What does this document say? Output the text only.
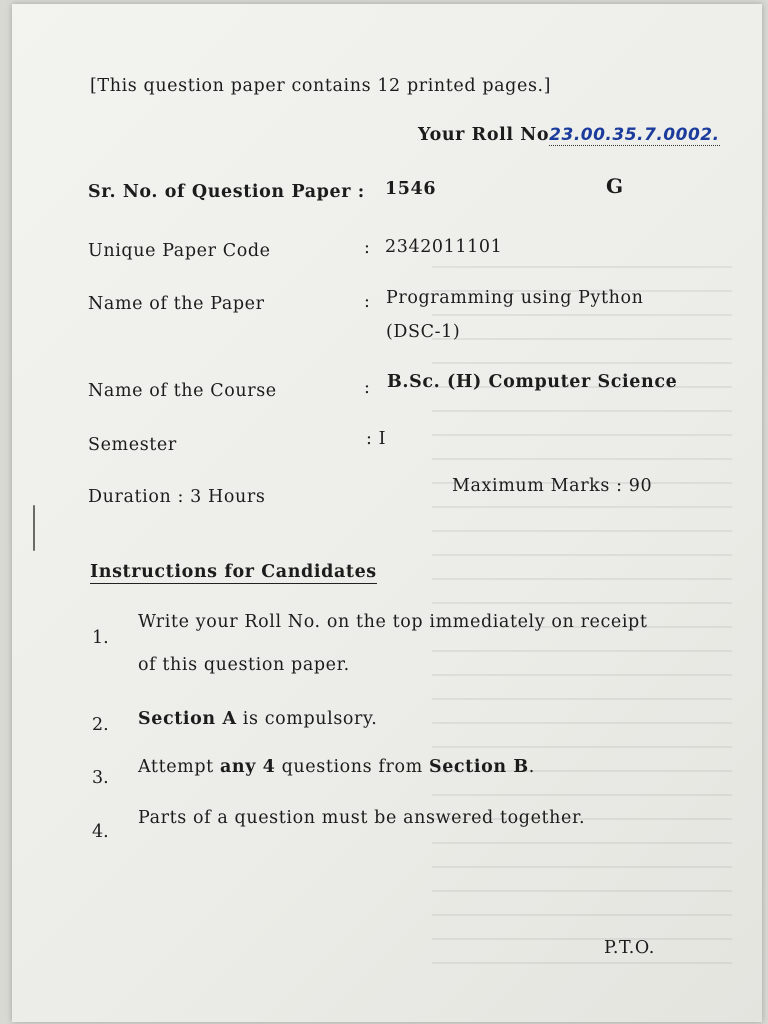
[This question paper contains 12 printed pages.]
Your Roll No23.00.35.7.0002.
Sr. No. of Question Paper : 1546	G
Unique Paper Code	: 2342011101
Name of the Paper	: Programming using Python
(DSC-1)
Name of the Course	: B.Sc. (H) Computer Science
Semester	: I
Duration : 3 Hours
Maximum Marks : 90
Instructions for Candidates
1.
Write your Roll No. on the top immediately on receipt
of this question paper.
2. Section A is compulsory.
3.
Attempt any 4 questions from Section B.
4.
Parts of a question must be answered together.
P.T.O.
